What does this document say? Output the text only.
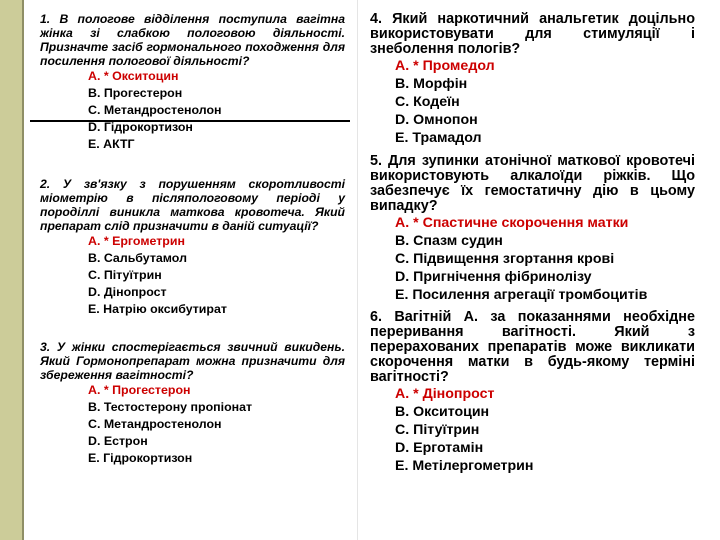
1. В пологове відділення поступила вагітна жінка зі слабкою пологовою діяльності. Призначте засіб гормонального походження для посилення пологової діяльності?

A. * Окситоцин
B. Прогестерон
C. Метандростенолон
D. Гідрокортизон
E. АКТГ

2. У зв'язку з порушенням скоротливості міометрію в післяпологовому періоді у породіллі виникла маткова кровотеча. Який препарат слід призначити в даній ситуації?

A. * Ергометрин
B. Сальбутамол
C. Пітуїтрин
D. Дінопрост
E. Натрію оксибутират

3. У жінки спостерігається звичний викидень. Який Гормонопрепарат можна призначити для збереження вагітності?

A. * Прогестерон
B. Тестостерону пропіонат
C. Метандростенолон
D. Естрон
E. Гідрокортизон

4. Який наркотичний анальгетик доцільно використовувати для стимуляції і знеболення пологів?

A. * Промедол
B. Морфін
C. Кодеїн
D. Омнопон
E. Трамадол

5. Для зупинки атонічної маткової кровотечі використовують алкалоїди ріжків. Що забезпечує їх гемостатичну дію в цьому випадку?

A. * Спастичне скорочення матки
B. Спазм судин
C. Підвищення згортання крові
D. Пригнічення фібринолізу
E. Посилення агрегації тромбоцитів

6. Вагітній А. за показаннями необхідне переривання вагітності. Який з перерахованих препаратів може викликати скорочення матки в будь-якому терміні вагітності?

A. * Дінопрост
B. Окситоцин
C. Пітуїтрин
D. Ерготамін
E. Метілергометрин
